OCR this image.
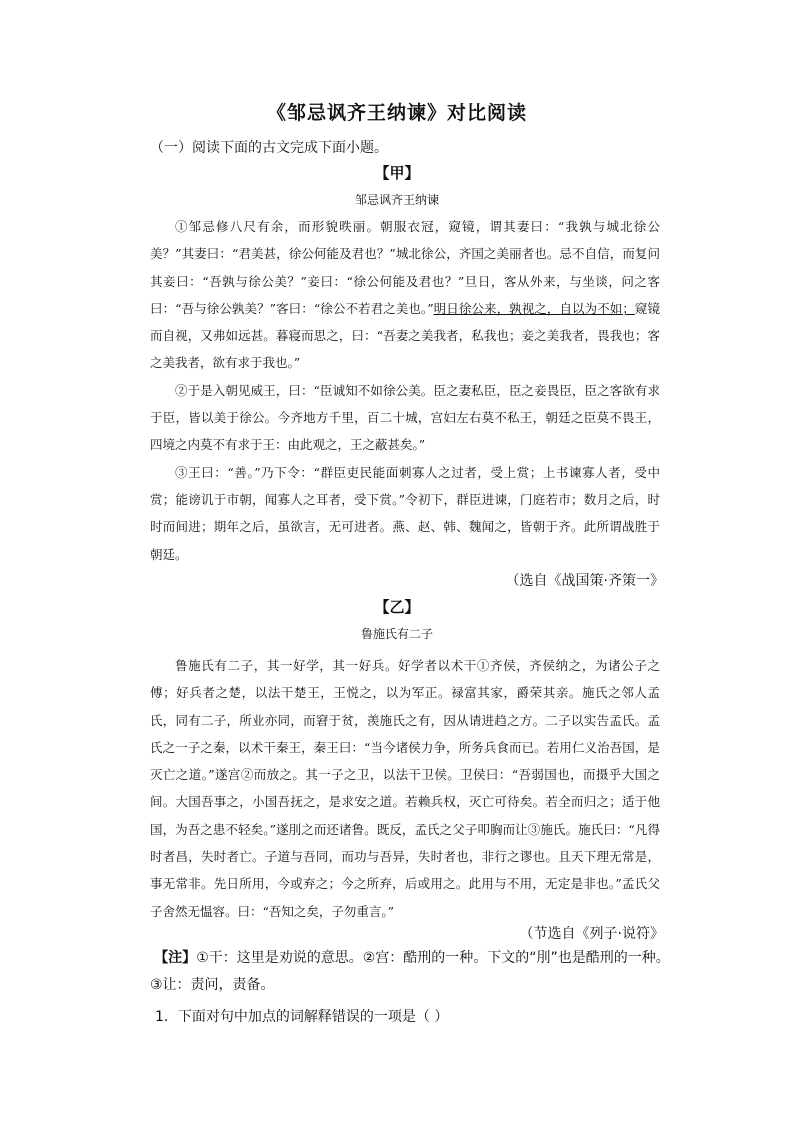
《邹忌讽齐王纳谏》对比阅读
（一）阅读下面的古文完成下面小题。
【甲】
邹忌讽齐王纳谏

①邹忌修八尺有余，而形貌昳丽。朝服衣冠，窥镜，谓其妻曰：“我孰与城北徐公美？”其妻曰：“君美甚，徐公何能及君也？”城北徐公，齐国之美丽者也。忌不自信，而复问其妾曰：“吾孰与徐公美？”妾曰：“徐公何能及君也？”旦日，客从外来，与坐谈，问之客曰：“吾与徐公孰美？”客曰：“徐公不若君之美也。”明日徐公来，孰视之，自以为不如；窥镜而自视，又弗如远甚。暮寝而思之，曰：“吾妻之美我者，私我也；妾之美我者，畏我也；客之美我者，欲有求于我也。”

②于是入朝见威王，曰：“臣诚知不如徐公美。臣之妻私臣，臣之妾畏臣，臣之客欲有求于臣，皆以美于徐公。今齐地方千里，百二十城，宫妇左右莫不私王，朝廷之臣莫不畏王，四境之内莫不有求于王：由此观之，王之蔽甚矣。”

③王曰：“善。”乃下令：“群臣吏民能面刺寡人之过者，受上赏；上书谏寡人者，受中赏；能谤讥于市朝，闻寡人之耳者，受下赏。”令初下，群臣进谏，门庭若市；数月之后，时时而间进；期年之后，虽欲言，无可进者。燕、赵、韩、魏闻之，皆朝于齐。此所谓战胜于朝廷。

（选自《战国策·齐策一》
【乙】
鲁施氏有二子

鲁施氏有二子，其一好学，其一好兵。好学者以术干①齐侯，齐侯纳之，为诸公子之傅；好兵者之楚，以法干楚王，王悦之，以为军正。禄富其家，爵荣其亲。施氏之邻人孟氏，同有二子，所业亦同，而窘于贫，羡施氏之有，因从请进趋之方。二子以实告孟氏。孟氏之一子之秦，以术干秦王，秦王曰：“当今诸侯力争，所务兵食而已。若用仁义治吾国，是灭亡之道。”遂宫②而放之。其一子之卫，以法干卫侯。卫侯曰：“吾弱国也，而摄乎大国之间。大国吾事之，小国吾抚之，是求安之道。若赖兵权，灭亡可待矣。若全而归之；适于他国，为吾之患不轻矣。”遂刖之而还诸鲁。既反，孟氏之父子叩胸而让③施氏。施氏曰：“凡得时者昌，失时者亡。子道与吾同，而功与吾异，失时者也，非行之谬也。且天下理无常是，事无常非。先日所用，今或弃之；今之所弃，后或用之。此用与不用，无定是非也。”孟氏父子舍然无愠容。曰：“吾知之矣，子勿重言。”

（节选自《列子·说符》
【注】①干：这里是劝说的意思。②宫：酷刑的一种。下文的“刖”也是酷刑的一种。③让：责问，责备。
1．下面对句中加点的词解释错误的一项是（ ）
